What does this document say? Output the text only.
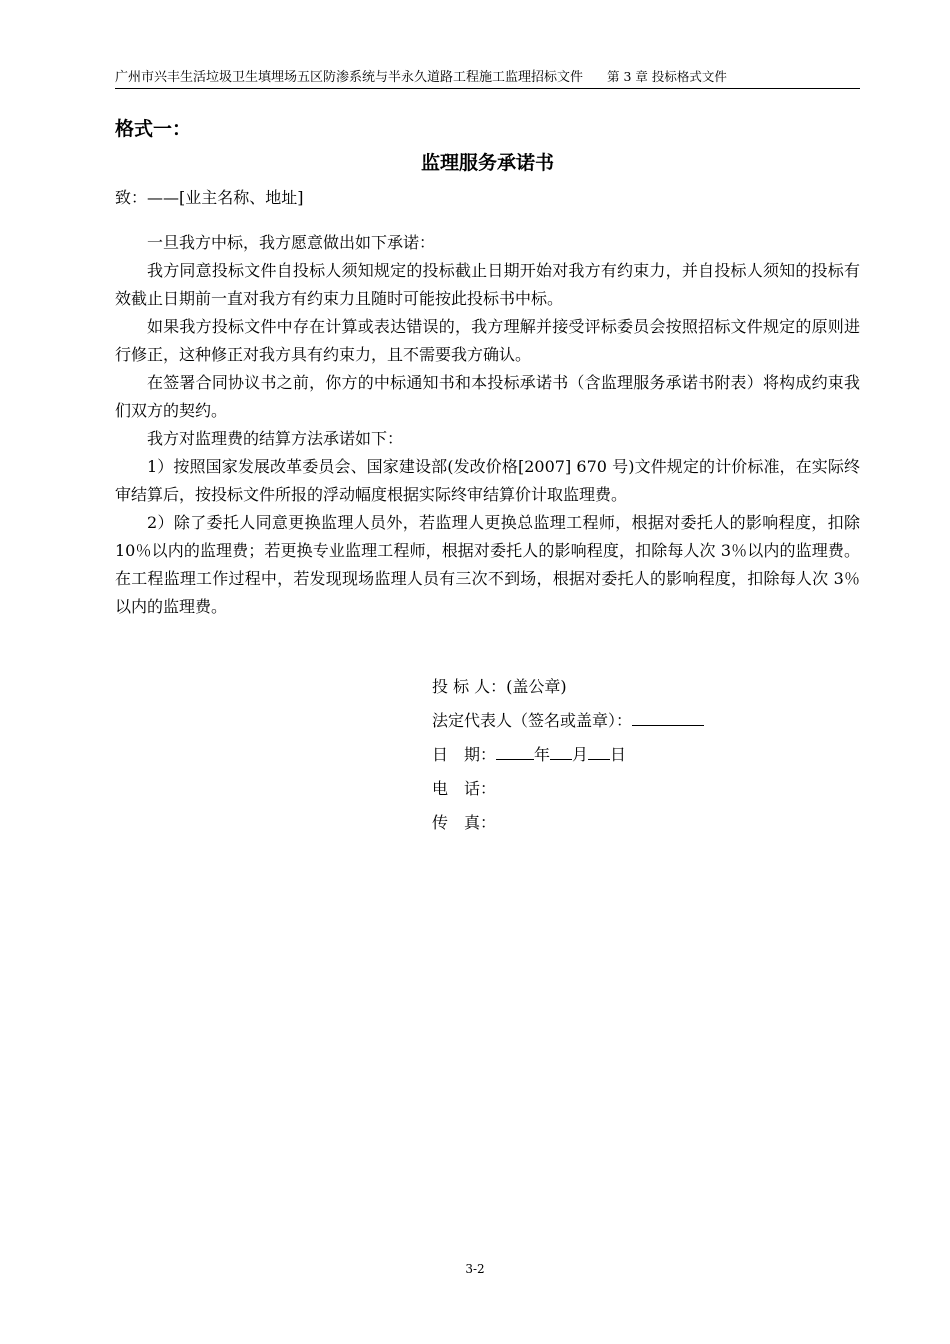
广州市兴丰生活垃圾卫生填埋场五区防渗系统与半永久道路工程施工监理招标文件 第 3 章 投标格式文件
格式一：
监理服务承诺书
致：——[业主名称、地址]

一旦我方中标，我方愿意做出如下承诺：

我方同意投标文件自投标人须知规定的投标截止日期开始对我方有约束力，并自投标人须知的投标有效截止日期前一直对我方有约束力且随时可能按此投标书中标。

如果我方投标文件中存在计算或表达错误的，我方理解并接受评标委员会按照招标文件规定的原则进行修正，这种修正对我方具有约束力，且不需要我方确认。

在签署合同协议书之前，你方的中标通知书和本投标承诺书（含监理服务承诺书附表）将构成约束我们双方的契约。

我方对监理费的结算方法承诺如下：

1）按照国家发展改革委员会、国家建设部(发改价格[2007] 670 号)文件规定的计价标准，在实际终审结算后，按投标文件所报的浮动幅度根据实际终审结算价计取监理费。

2）除了委托人同意更换监理人员外，若监理人更换总监理工程师，根据对委托人的影响程度，扣除 10％以内的监理费；若更换专业监理工程师，根据对委托人的影响程度，扣除每人次 3％以内的监理费。在工程监理工作过程中，若发现现场监理人员有三次不到场，根据对委托人的影响程度，扣除每人次 3％以内的监理费。

投 标 人：(盖公章)
法定代表人（签名或盖章）：
日　期： 年 月 日
电　话：
传　真：
3-2
